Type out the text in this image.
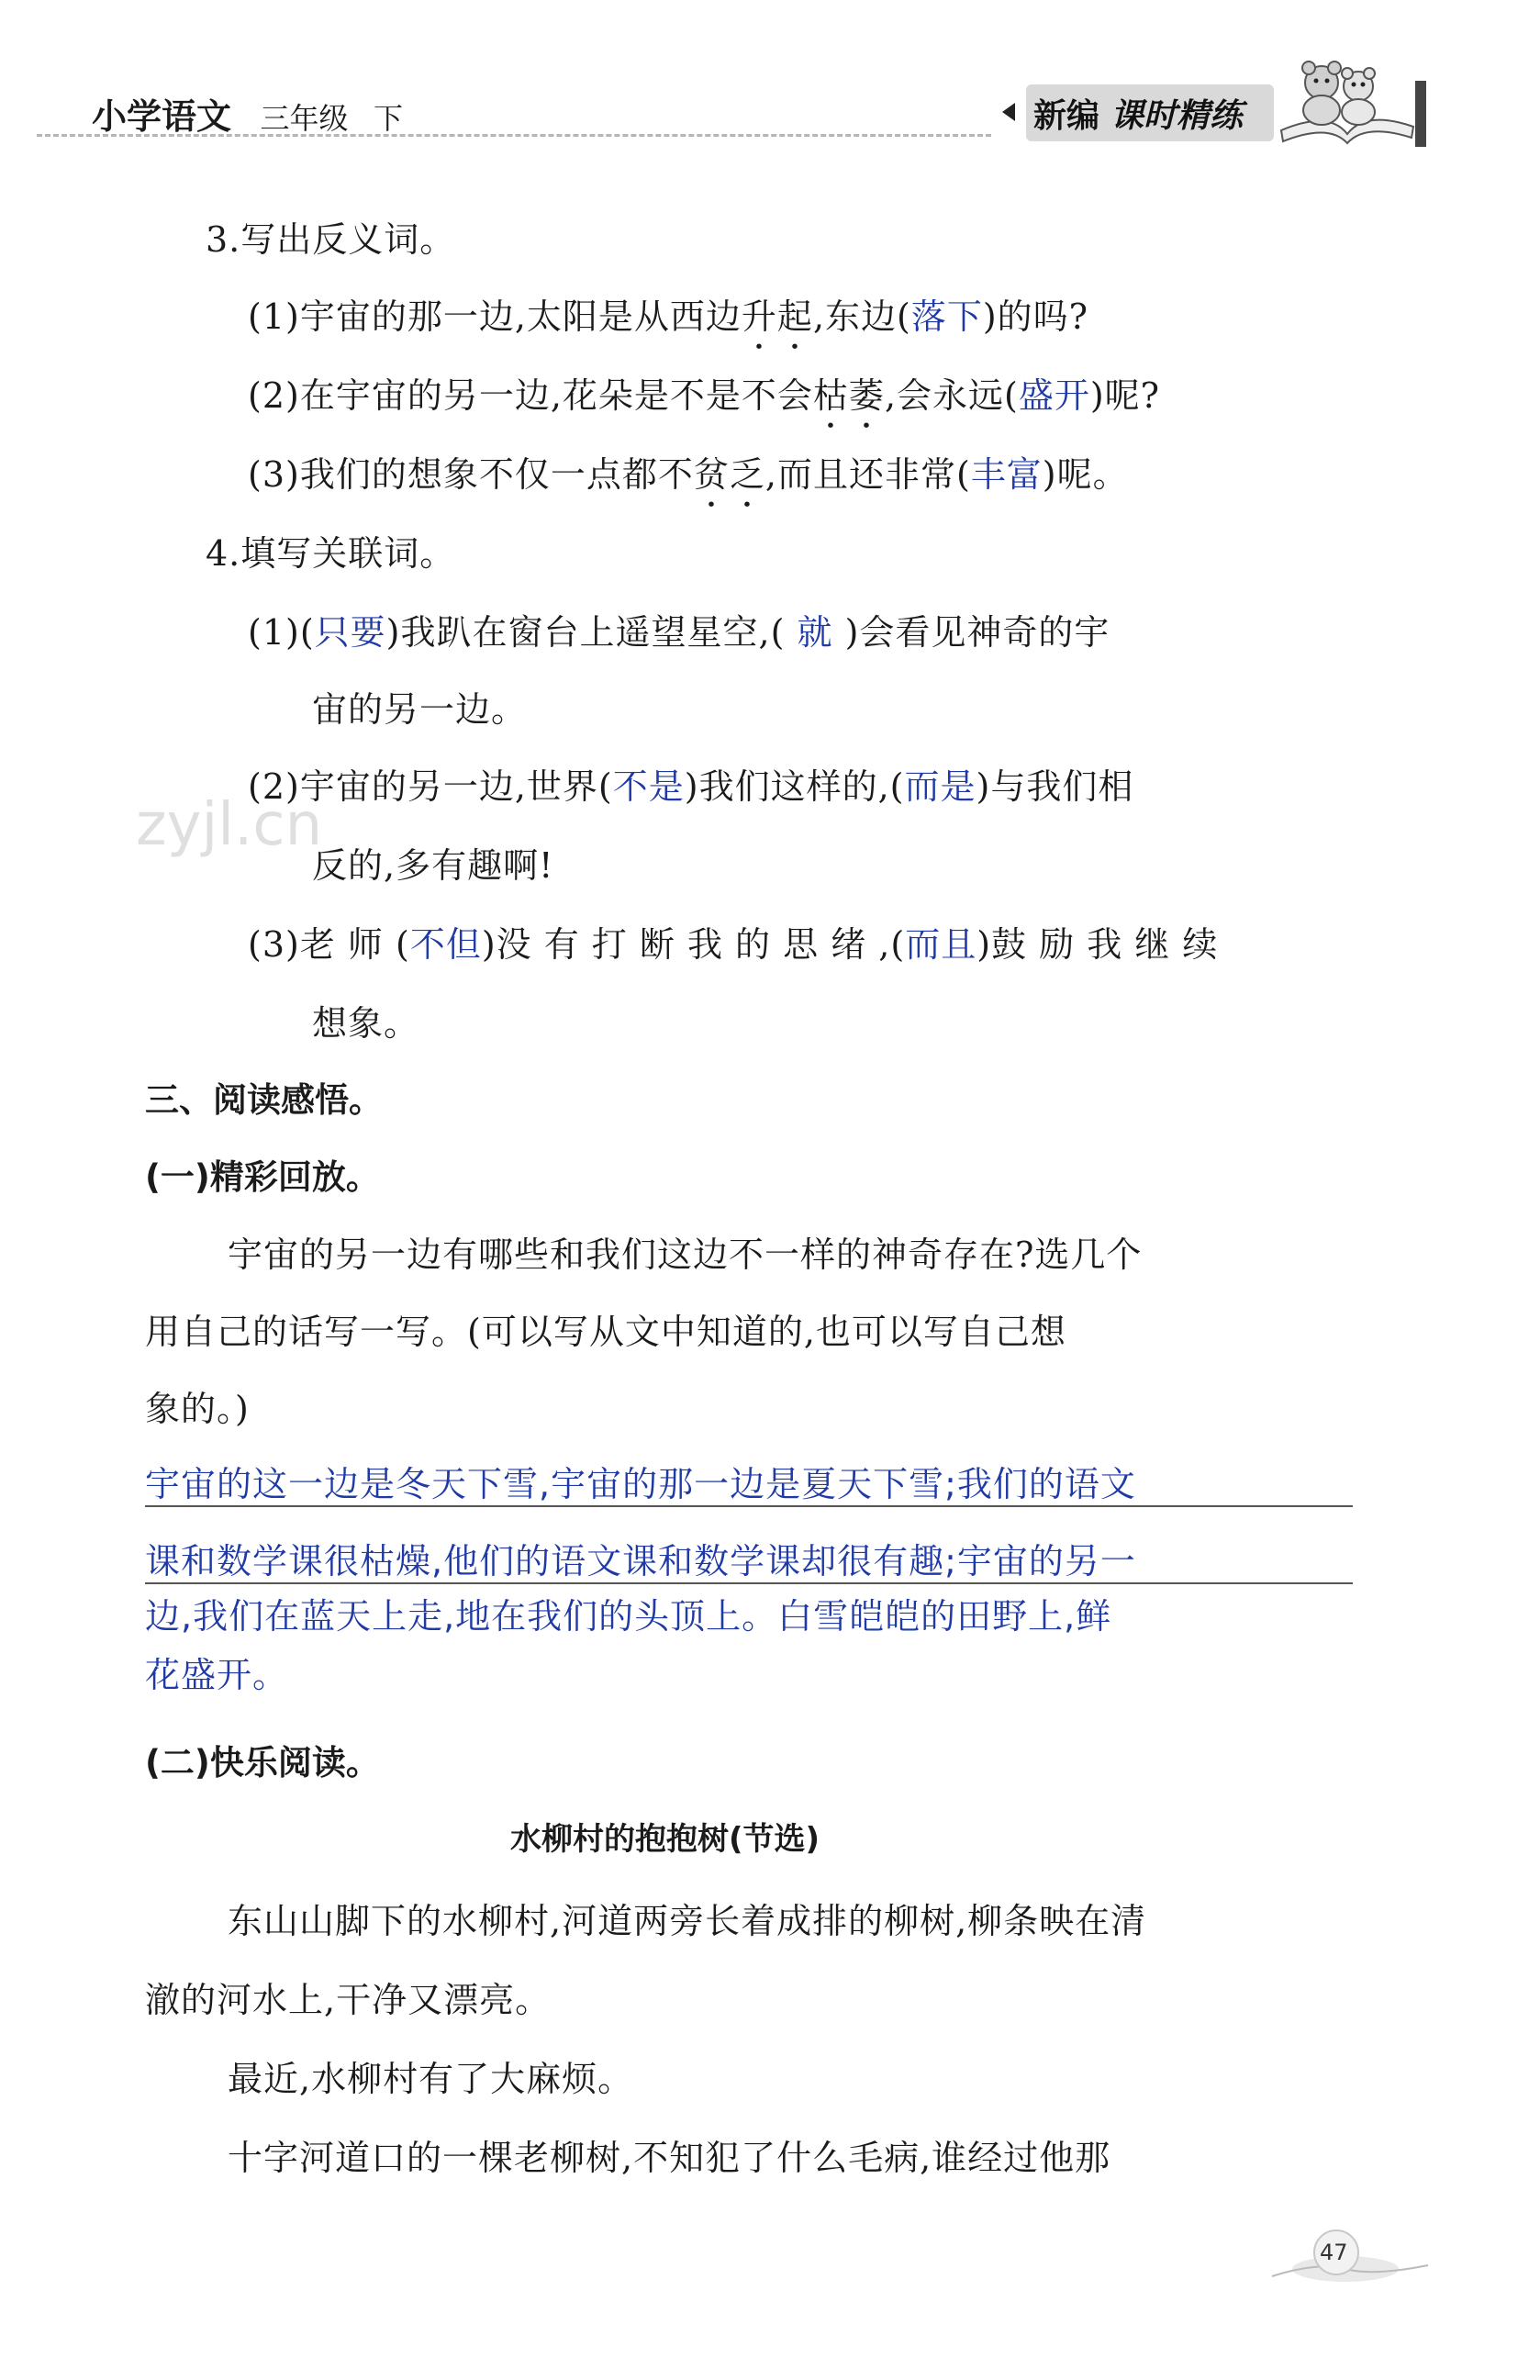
小学语文 三年级 下	新编 课时精练
zyjl.cn
3.写出反义词。
(1)宇宙的那一边,太阳是从西边升起,东边(落下)的吗?
(2)在宇宙的另一边,花朵是不是不会枯萎,会永远(盛开)呢?
(3)我们的想象不仅一点都不贫乏,而且还非常(丰富)呢。
4.填写关联词。
(1)(只要)我趴在窗台上遥望星空,( 就 )会看见神奇的宇
宙的另一边。
(2)宇宙的另一边,世界(不是)我们这样的,(而是)与我们相
反的,多有趣啊!
(3)老 师 (不但)没 有 打 断 我 的 思 绪 ,(而且)鼓 励 我 继 续
想象。
三、阅读感悟。
(一)精彩回放。
宇宙的另一边有哪些和我们这边不一样的神奇存在?选几个
用自己的话写一写。(可以写从文中知道的,也可以写自己想
象的。)
宇宙的这一边是冬天下雪,宇宙的那一边是夏天下雪;我们的语文
课和数学课很枯燥,他们的语文课和数学课却很有趣;宇宙的另一
边,我们在蓝天上走,地在我们的头顶上。白雪皑皑的田野上,鲜
花盛开。
(二)快乐阅读。
水柳村的抱抱树(节选)
东山山脚下的水柳村,河道两旁长着成排的柳树,柳条映在清
澈的河水上,干净又漂亮。
最近,水柳村有了大麻烦。
十字河道口的一棵老柳树,不知犯了什么毛病,谁经过他那
47
